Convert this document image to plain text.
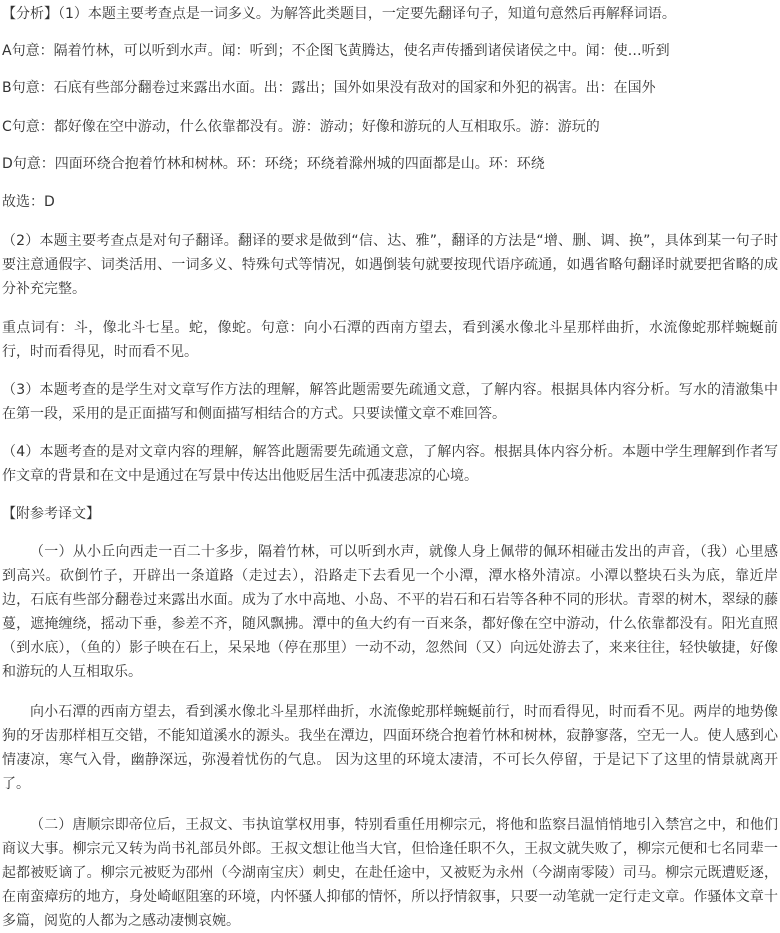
【分析】（1）本题主要考查点是一词多义。为解答此类题目，一定要先翻译句子，知道句意然后再解释词语。

A句意：隔着竹林，可以听到水声。闻：听到；不企图飞黄腾达，使名声传播到诸侯诸侯之中。闻：使…听到

B句意：石底有些部分翻卷过来露出水面。出：露出；国外如果没有敌对的国家和外犯的祸害。出：在国外

C句意：都好像在空中游动，什么依靠都没有。游：游动；好像和游玩的人互相取乐。游：游玩的

D句意：四面环绕合抱着竹林和树林。环：环绕；环绕着滁州城的四面都是山。环：环绕

故选：D

（2）本题主要考查点是对句子翻译。翻译的要求是做到“信、达、雅”，翻译的方法是“增、删、调、换”，具体到某一句子时要注意通假字、词类活用、一词多义、特殊句式等情况，如遇倒装句就要按现代语序疏通，如遇省略句翻译时就要把省略的成分补充完整。

重点词有：斗，像北斗七星。蛇，像蛇。句意：向小石潭的西南方望去，看到溪水像北斗星那样曲折，水流像蛇那样蜿蜒前行，时而看得见，时而看不见。

（3）本题考查的是学生对文章写作方法的理解，解答此题需要先疏通文意，了解内容。根据具体内容分析。写水的清澈集中在第一段，采用的是正面描写和侧面描写相结合的方式。只要读懂文章不难回答。

（4）本题考查的是对文章内容的理解，解答此题需要先疏通文意，了解内容。根据具体内容分析。本题中学生理解到作者写作文章的背景和在文中是通过在写景中传达出他贬居生活中孤凄悲凉的心境。

【附参考译文】

（一）从小丘向西走一百二十多步，隔着竹林，可以听到水声，就像人身上佩带的佩环相碰击发出的声音，（我）心里感到高兴。砍倒竹子，开辟出一条道路（走过去），沿路走下去看见一个小潭，潭水格外清凉。小潭以整块石头为底，靠近岸边，石底有些部分翻卷过来露出水面。成为了水中高地、小岛、不平的岩石和石岩等各种不同的形状。青翠的树木，翠绿的藤蔓，遮掩缠绕，摇动下垂，参差不齐，随风飘拂。潭中的鱼大约有一百来条，都好像在空中游动，什么依靠都没有。阳光直照（到水底），（鱼的）影子映在石上，呆呆地（停在那里）一动不动，忽然间（又）向远处游去了，来来往往，轻快敏捷，好像和游玩的人互相取乐。

向小石潭的西南方望去，看到溪水像北斗星那样曲折，水流像蛇那样蜿蜒前行，时而看得见，时而看不见。两岸的地势像狗的牙齿那样相互交错，不能知道溪水的源头。我坐在潭边，四面环绕合抱着竹林和树林，寂静寥落，空无一人。使人感到心情凄凉，寒气入骨，幽静深远，弥漫着忧伤的气息。 因为这里的环境太凄清，不可长久停留，于是记下了这里的情景就离开了。

（二）唐顺宗即帝位后，王叔文、韦执谊掌权用事，特别看重任用柳宗元，将他和监察吕温悄悄地引入禁宫之中，和他们商议大事。柳宗元又转为尚书礼部员外郎。王叔文想让他当大官，但恰逢任职不久，王叔文就失败了，柳宗元便和七名同辈一起都被贬谪了。柳宗元被贬为邵州（今湖南宝庆）刺史，在赴任途中，又被贬为永州（今湖南零陵）司马。柳宗元既遭贬逐，在南蛮瘴疠的地方，身处崎岖阻塞的环境，内怀骚人抑郁的情怀，所以抒情叙事，只要一动笔就一定行走文章。作骚体文章十多篇，阅览的人都为之感动凄恻哀婉。
